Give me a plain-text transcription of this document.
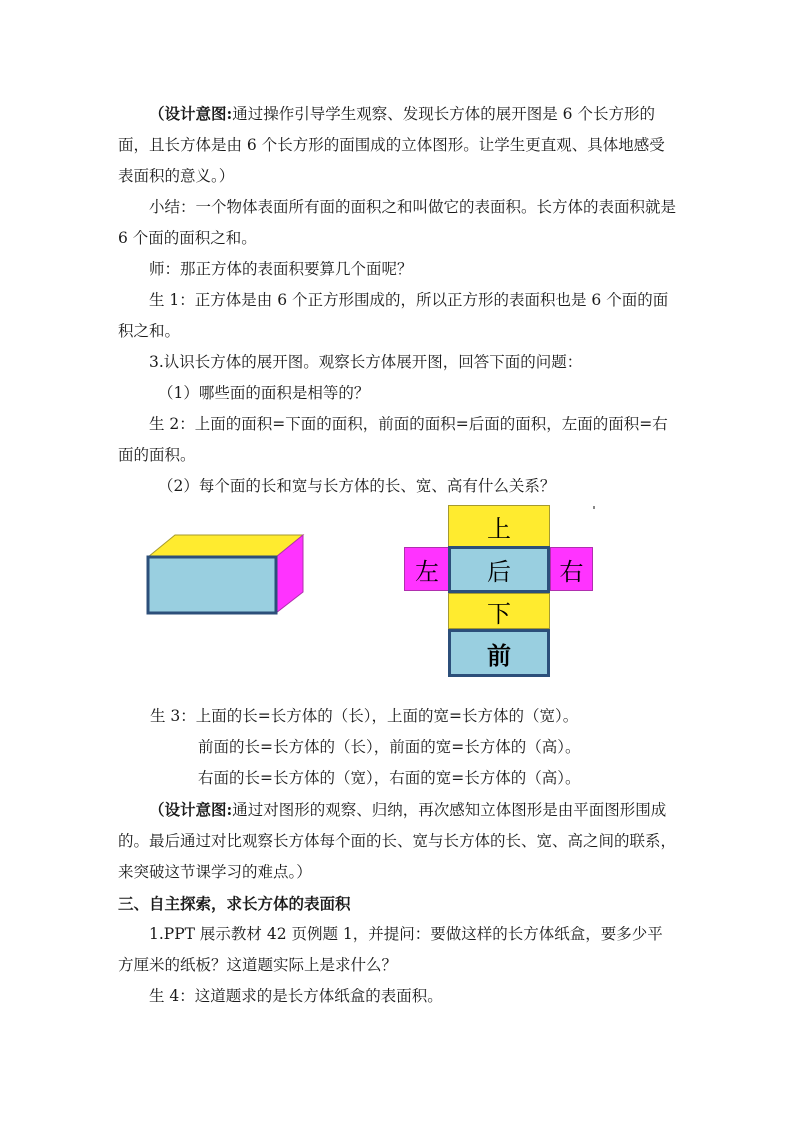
（设计意图:通过操作引导学生观察、发现长方体的展开图是 6 个长方形的面，且长方体是由 6 个长方形的面围成的立体图形。让学生更直观、具体地感受表面积的意义。）

小结：一个物体表面所有面的面积之和叫做它的表面积。长方体的表面积就是 6 个面的面积之和。

师：那正方体的表面积要算几个面呢？

生 1：正方体是由 6 个正方形围成的，所以正方形的表面积也是 6 个面的面积之和。

3.认识长方体的展开图。观察长方体展开图，回答下面的问题：

（1）哪些面的面积是相等的？

生 2：上面的面积=下面的面积，前面的面积=后面的面积，左面的面积=右面的面积。

（2）每个面的长和宽与长方体的长、宽、高有什么关系？

上
左	后	右
下
前
生 3：上面的长=长方体的（长），上面的宽=长方体的（宽）。
前面的长=长方体的（长），前面的宽=长方体的（高）。
右面的长=长方体的（宽），右面的宽=长方体的（高）。

（设计意图:通过对图形的观察、归纳，再次感知立体图形是由平面图形围成的。最后通过对比观察长方体每个面的长、宽与长方体的长、宽、高之间的联系，来突破这节课学习的难点。）

三、自主探索，求长方体的表面积

1.PPT 展示教材 42 页例题 1，并提问：要做这样的长方体纸盒，要多少平方厘米的纸板？这道题实际上是求什么？

生 4：这道题求的是长方体纸盒的表面积。
